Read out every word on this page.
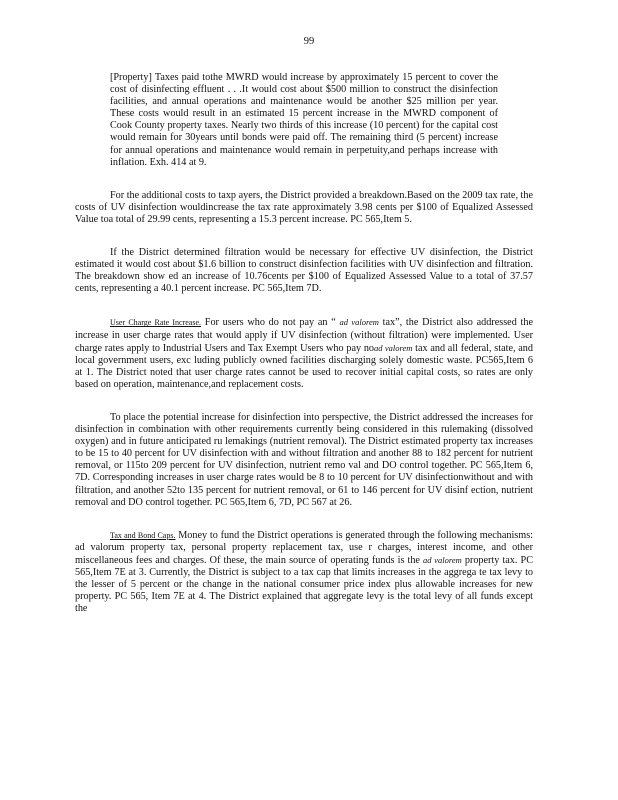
99
[Property] Taxes paid tothe MWRD would increase by approximately 15 percent to cover the cost of disinfecting effluent . . .It would cost about $500 million to construct the disinfection facilities, and annual operations and maintenance would be another $25 million per year. These costs would result in an estimated 15 percent increase in the MWRD component of Cook County property taxes. Nearly two thirds of this increase (10 percent) for the capital cost would remain for 30years until bonds were paid off. The remaining third (5 percent) increase for annual operations and maintenance would remain in perpetuity,and perhaps increase with inflation. Exh. 414 at 9.

For the additional costs to taxp ayers, the District provided a breakdown.Based on the 2009 tax rate, the costs of UV disinfection wouldincrease the tax rate approximately 3.98 cents per $100 of Equalized Assessed Value toa total of 29.99 cents, representing a 15.3 percent increase. PC 565,Item 5.

If the District determined filtration would be necessary for effective UV disinfection, the District estimated it would cost about $1.6 billion to construct disinfection facilities with UV disinfection and filtration. The breakdown show ed an increase of 10.76cents per $100 of Equalized Assessed Value to a total of 37.57 cents, representing a 40.1 percent increase. PC 565,Item 7D.

User Charge Rate Increase. For users who do not pay an “ ad valorem tax”, the District also addressed the increase in user charge rates that would apply if UV disinfection (without filtration) were implemented. User charge rates apply to Industrial Users and Tax Exempt Users who pay noad valorem tax and all federal, state, and local government users, exc luding publicly owned facilities discharging solely domestic waste. PC565,Item 6 at 1. The District noted that user charge rates cannot be used to recover initial capital costs, so rates are only based on operation, maintenance,and replacement costs.

To place the potential increase for disinfection into perspective, the District addressed the increases for disinfection in combination with other requirements currently being considered in this rulemaking (dissolved oxygen) and in future anticipated ru lemakings (nutrient removal). The District estimated property tax increases to be 15 to 40 percent for UV disinfection with and without filtration and another 88 to 182 percent for nutrient removal, or 115to 209 percent for UV disinfection, nutrient remo val and DO control together. PC 565,Item 6, 7D. Corresponding increases in user charge rates would be 8 to 10 percent for UV disinfectionwithout and with filtration, and another 52to 135 percent for nutrient removal, or 61 to 146 percent for UV disinf ection, nutrient removal and DO control together. PC 565,Item 6, 7D, PC 567 at 26.

Tax and Bond Caps. Money to fund the District operations is generated through the following mechanisms: ad valorum property tax, personal property replacement tax, use r charges, interest income, and other miscellaneous fees and charges. Of these, the main source of operating funds is the ad valorem property tax. PC 565,Item 7E at 3. Currently, the District is subject to a tax cap that limits increases in the aggrega te tax levy to the lesser of 5 percent or the change in the national consumer price index plus allowable increases for new property. PC 565, Item 7E at 4. The District explained that aggregate levy is the total levy of all funds except the
